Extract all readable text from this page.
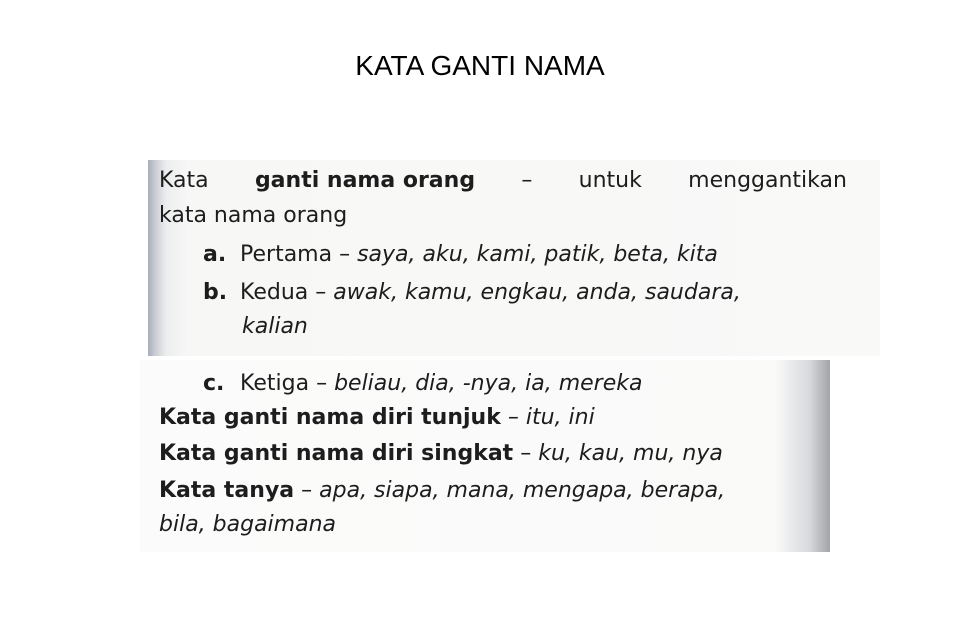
KATA GANTI NAMA
Kata ganti nama orang – untuk menggantikan
kata nama orang
a. Pertama – saya, aku, kami, patik, beta, kita
b. Kedua – awak, kamu, engkau, anda, saudara,
kalian
c. Ketiga – beliau, dia, -nya, ia, mereka
Kata ganti nama diri tunjuk – itu, ini
Kata ganti nama diri singkat – ku, kau, mu, nya
Kata tanya – apa, siapa, mana, mengapa, berapa,
bila, bagaimana
